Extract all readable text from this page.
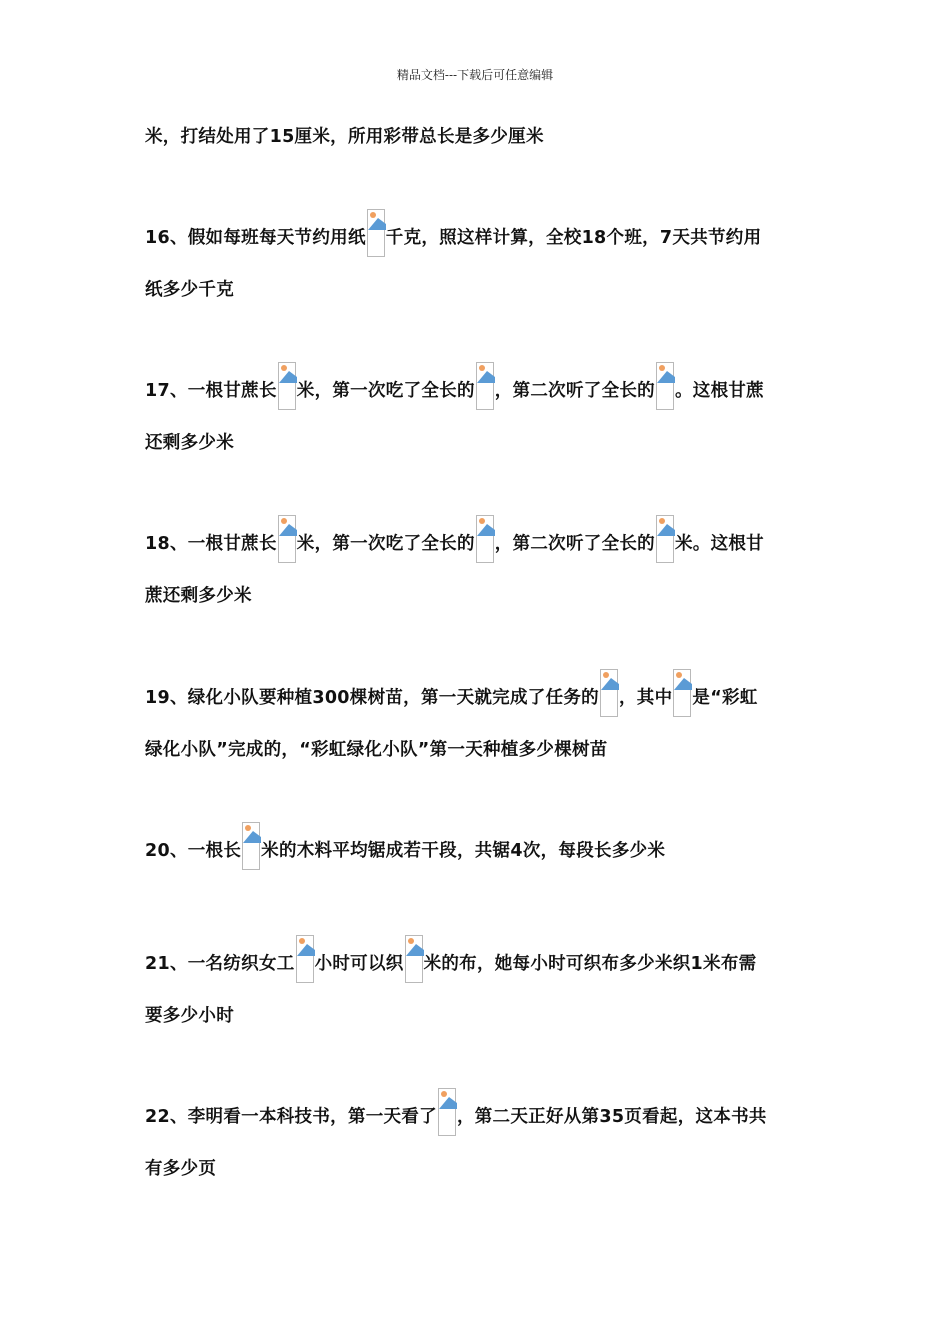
精品文档---下载后可任意编辑
米，打结处用了15厘米，所用彩带总长是多少厘米
16、假如每班每天节约用纸 千克，照这样计算，全校18个班，7天共节约用
纸多少千克
17、一根甘蔗长 米，第一次吃了全长的 ，第二次听了全长的 。这根甘蔗
还剩多少米
18、一根甘蔗长 米，第一次吃了全长的 ，第二次听了全长的 米。这根甘
蔗还剩多少米
19、绿化小队要种植300棵树苗，第一天就完成了任务的 ，其中 是“彩虹
绿化小队”完成的，“彩虹绿化小队”第一天种植多少棵树苗
20、一根长 米的木料平均锯成若干段，共锯4次，每段长多少米
21、一名纺织女工 小时可以织 米的布，她每小时可织布多少米织1米布需
要多少小时
22、李明看一本科技书，第一天看了 ，第二天正好从第35页看起，这本书共
有多少页
